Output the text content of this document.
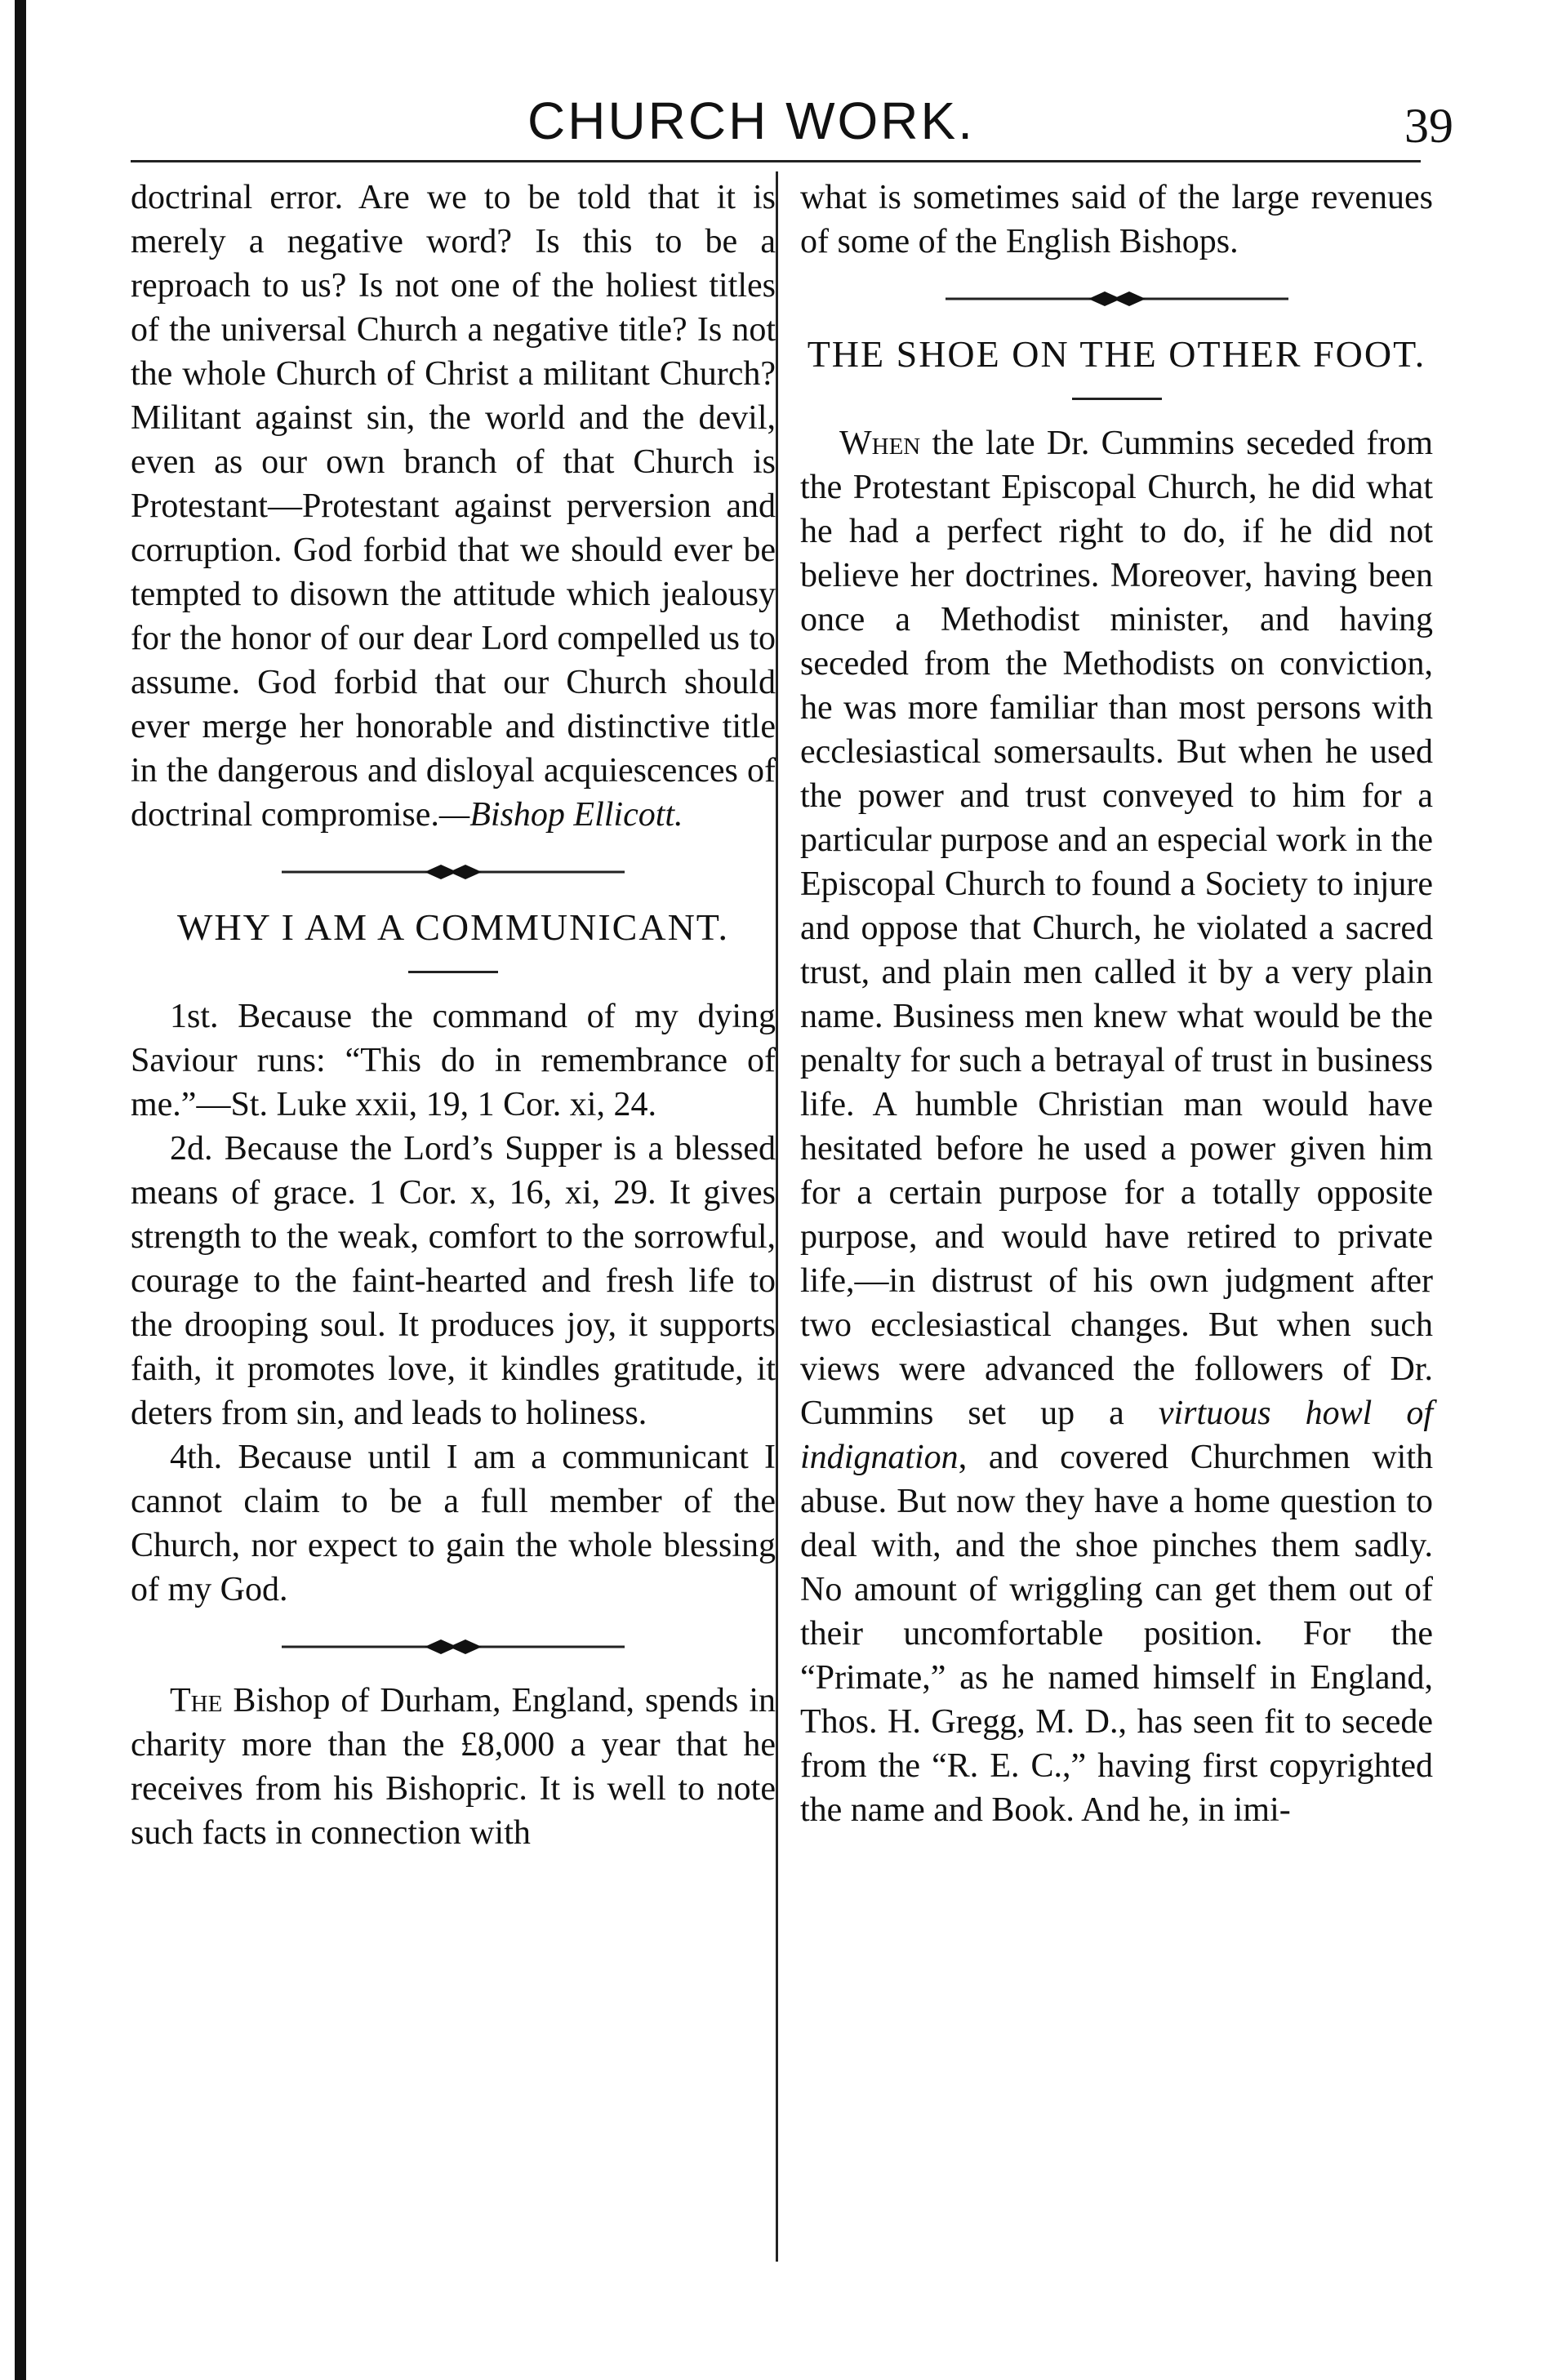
CHURCH WORK.	39

doctrinal error. Are we to be told that it is merely a negative word? Is this to be a reproach to us? Is not one of the holiest titles of the universal Church a negative title? Is not the whole Church of Christ a militant Church? Militant against sin, the world and the devil, even as our own branch of that Church is Protestant—Protestant against perversion and corruption. God forbid that we should ever be tempted to disown the attitude which jealousy for the honor of our dear Lord compelled us to assume. God forbid that our Church should ever merge her honorable and distinctive title in the dangerous and disloyal acquiescences of doctrinal compromise.—Bishop Ellicott.

WHY I AM A COMMUNICANT.

1st. Because the command of my dying Saviour runs: “This do in remembrance of me.”—St. Luke xxii, 19, 1 Cor. xi, 24.

2d. Because the Lord’s Supper is a blessed means of grace. 1 Cor. x, 16, xi, 29. It gives strength to the weak, comfort to the sorrowful, courage to the faint-hearted and fresh life to the drooping soul. It produces joy, it supports faith, it promotes love, it kindles gratitude, it deters from sin, and leads to holiness.

4th. Because until I am a communicant I cannot claim to be a full member of the Church, nor expect to gain the whole blessing of my God.

The Bishop of Durham, England, spends in charity more than the £8,000 a year that he receives from his Bishopric. It is well to note such facts in connection with

what is sometimes said of the large revenues of some of the English Bishops.

THE SHOE ON THE OTHER FOOT.

When the late Dr. Cummins seceded from the Protestant Episcopal Church, he did what he had a perfect right to do, if he did not believe her doctrines. Moreover, having been once a Methodist minister, and having seceded from the Methodists on conviction, he was more familiar than most persons with ecclesiastical somersaults. But when he used the power and trust conveyed to him for a particular purpose and an especial work in the Episcopal Church to found a Society to injure and oppose that Church, he violated a sacred trust, and plain men called it by a very plain name. Business men knew what would be the penalty for such a betrayal of trust in business life. A humble Christian man would have hesitated before he used a power given him for a certain purpose for a totally opposite purpose, and would have retired to private life,—in distrust of his own judgment after two ecclesiastical changes. But when such views were advanced the followers of Dr. Cummins set up a virtuous howl of indignation, and covered Churchmen with abuse. But now they have a home question to deal with, and the shoe pinches them sadly. No amount of wriggling can get them out of their uncomfortable position. For the “Primate,” as he named himself in England, Thos. H. Gregg, M. D., has seen fit to secede from the “R. E. C.,” having first copyrighted the name and Book. And he, in imi-
